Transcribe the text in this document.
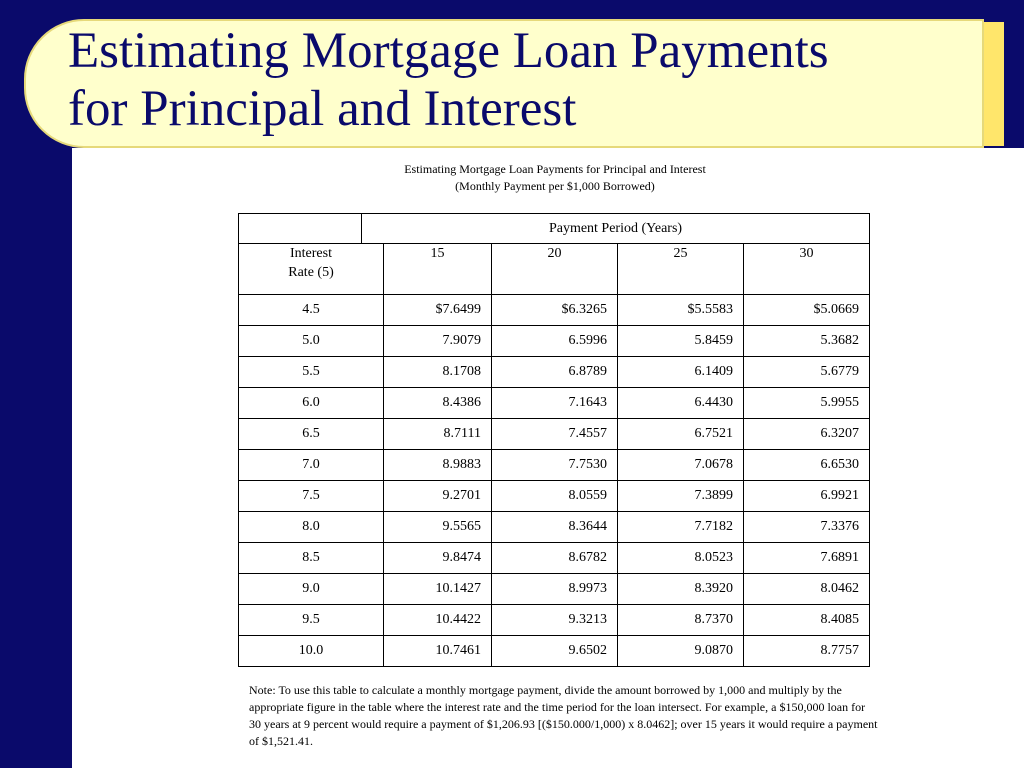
Estimating Mortgage Loan Payments
for Principal and Interest
Estimating Mortgage Loan Payments for Principal and Interest
(Monthly Payment per $1,000 Borrowed)
	Payment Period (Years)				
Interest
Rate (5)		15	20	25	30
4.5		$7.6499	$6.3265	$5.5583	$5.0669
5.0		7.9079	6.5996	5.8459	5.3682
5.5		8.1708	6.8789	6.1409	5.6779
6.0		8.4386	7.1643	6.4430	5.9955
6.5		8.7111	7.4557	6.7521	6.3207
7.0		8.9883	7.7530	7.0678	6.6530
7.5		9.2701	8.0559	7.3899	6.9921
8.0		9.5565	8.3644	7.7182	7.3376
8.5		9.8474	8.6782	8.0523	7.6891
9.0		10.1427	8.9973	8.3920	8.0462
9.5		10.4422	9.3213	8.7370	8.4085
10.0		10.7461	9.6502	9.0870	8.7757
Note: To use this table to calculate a monthly mortgage payment, divide the amount borrowed by 1,000 and multiply by the appropriate figure in the table where the interest rate and the time period for the loan intersect. For example, a $150,000 loan for 30 years at 9 percent would require a payment of $1,206.93 [($150.000/1,000) x 8.0462]; over 15 years it would require a payment of $1,521.41.
